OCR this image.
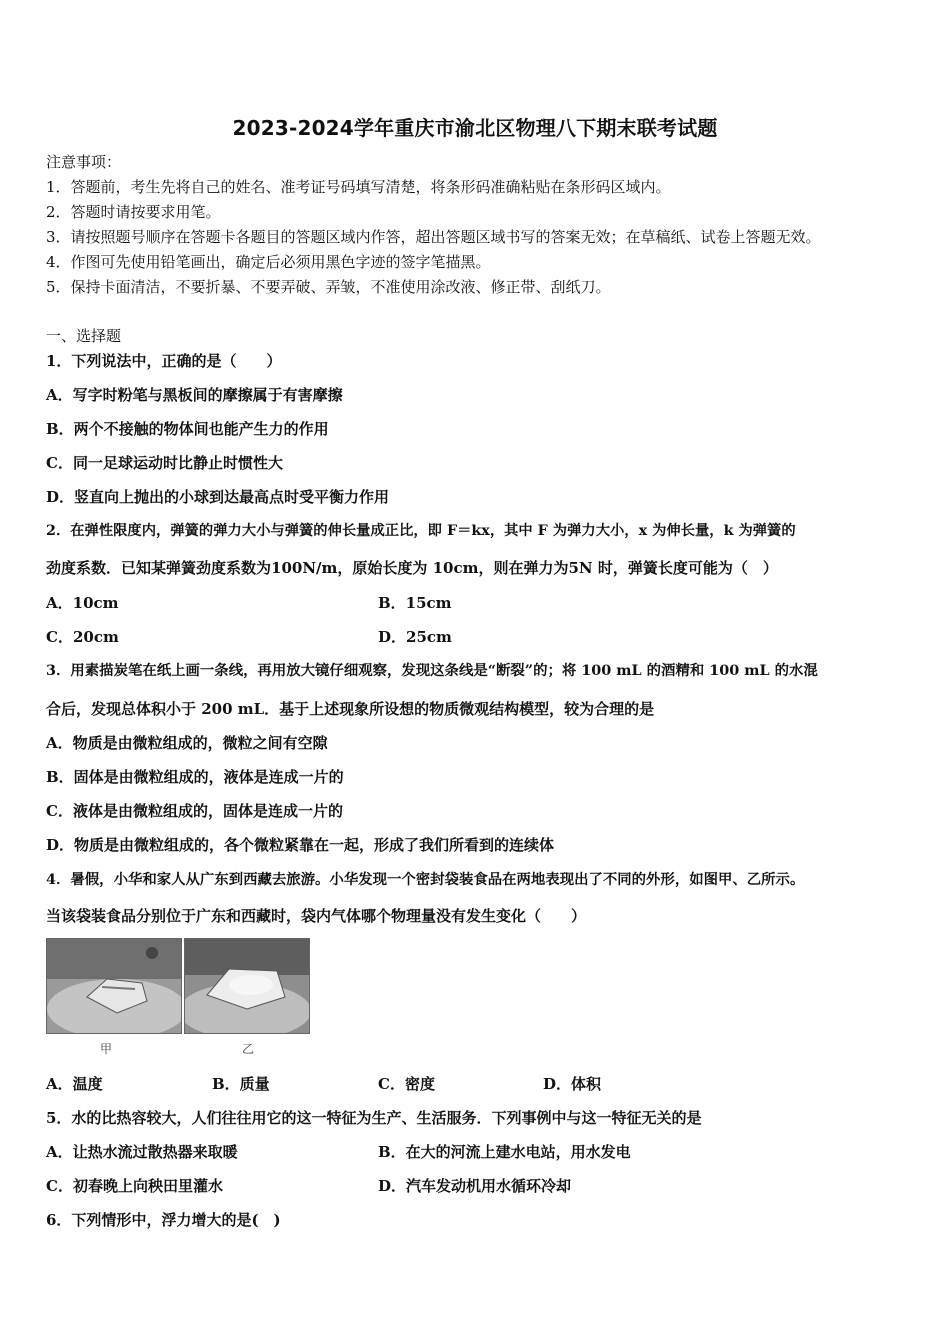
2023-2024学年重庆市渝北区物理八下期末联考试题
注意事项：
1．答题前，考生先将自己的姓名、准考证号码填写清楚，将条形码准确粘贴在条形码区域内。
2．答题时请按要求用笔。
3．请按照题号顺序在答题卡各题目的答题区域内作答，超出答题区域书写的答案无效；在草稿纸、试卷上答题无效。
4．作图可先使用铅笔画出，确定后必须用黑色字迹的签字笔描黑。
5．保持卡面清洁，不要折暴、不要弄破、弄皱，不准使用涂改液、修正带、刮纸刀。
一、选择题
1．下列说法中，正确的是（　　）
A．写字时粉笔与黑板间的摩擦属于有害摩擦
B．两个不接触的物体间也能产生力的作用
C．同一足球运动时比静止时惯性大
D．竖直向上抛出的小球到达最高点时受平衡力作用
2．在弹性限度内，弹簧的弹力大小与弹簧的伸长量成正比，即 F＝kx，其中 F 为弹力大小，x 为伸长量，k 为弹簧的
劲度系数．已知某弹簧劲度系数为100N/m，原始长度为 10cm，则在弹力为5N 时，弹簧长度可能为（　）
A．10cm	B．15cm
C．20cm	D．25cm
3．用素描炭笔在纸上画一条线，再用放大镜仔细观察，发现这条线是“断裂”的；将 100 mL 的酒精和 100 mL 的水混
合后，发现总体积小于 200 mL．基于上述现象所设想的物质微观结构模型，较为合理的是
A．物质是由微粒组成的，微粒之间有空隙
B．固体是由微粒组成的，液体是连成一片的
C．液体是由微粒组成的，固体是连成一片的
D．物质是由微粒组成的，各个微粒紧靠在一起，形成了我们所看到的连续体
4．暑假，小华和家人从广东到西藏去旅游。小华发现一个密封袋装食品在两地表现出了不同的外形，如图甲、乙所示。
当该袋装食品分别位于广东和西藏时，袋内气体哪个物理量没有发生变化（　　）
甲	乙
A．温度	B．质量	C．密度	D．体积
5．水的比热容较大，人们往往用它的这一特征为生产、生活服务．下列事例中与这一特征无关的是
A．让热水流过散热器来取暖	B．在大的河流上建水电站，用水发电
C．初春晚上向秧田里灌水	D．汽车发动机用水循环冷却
6．下列情形中，浮力增大的是(　)
